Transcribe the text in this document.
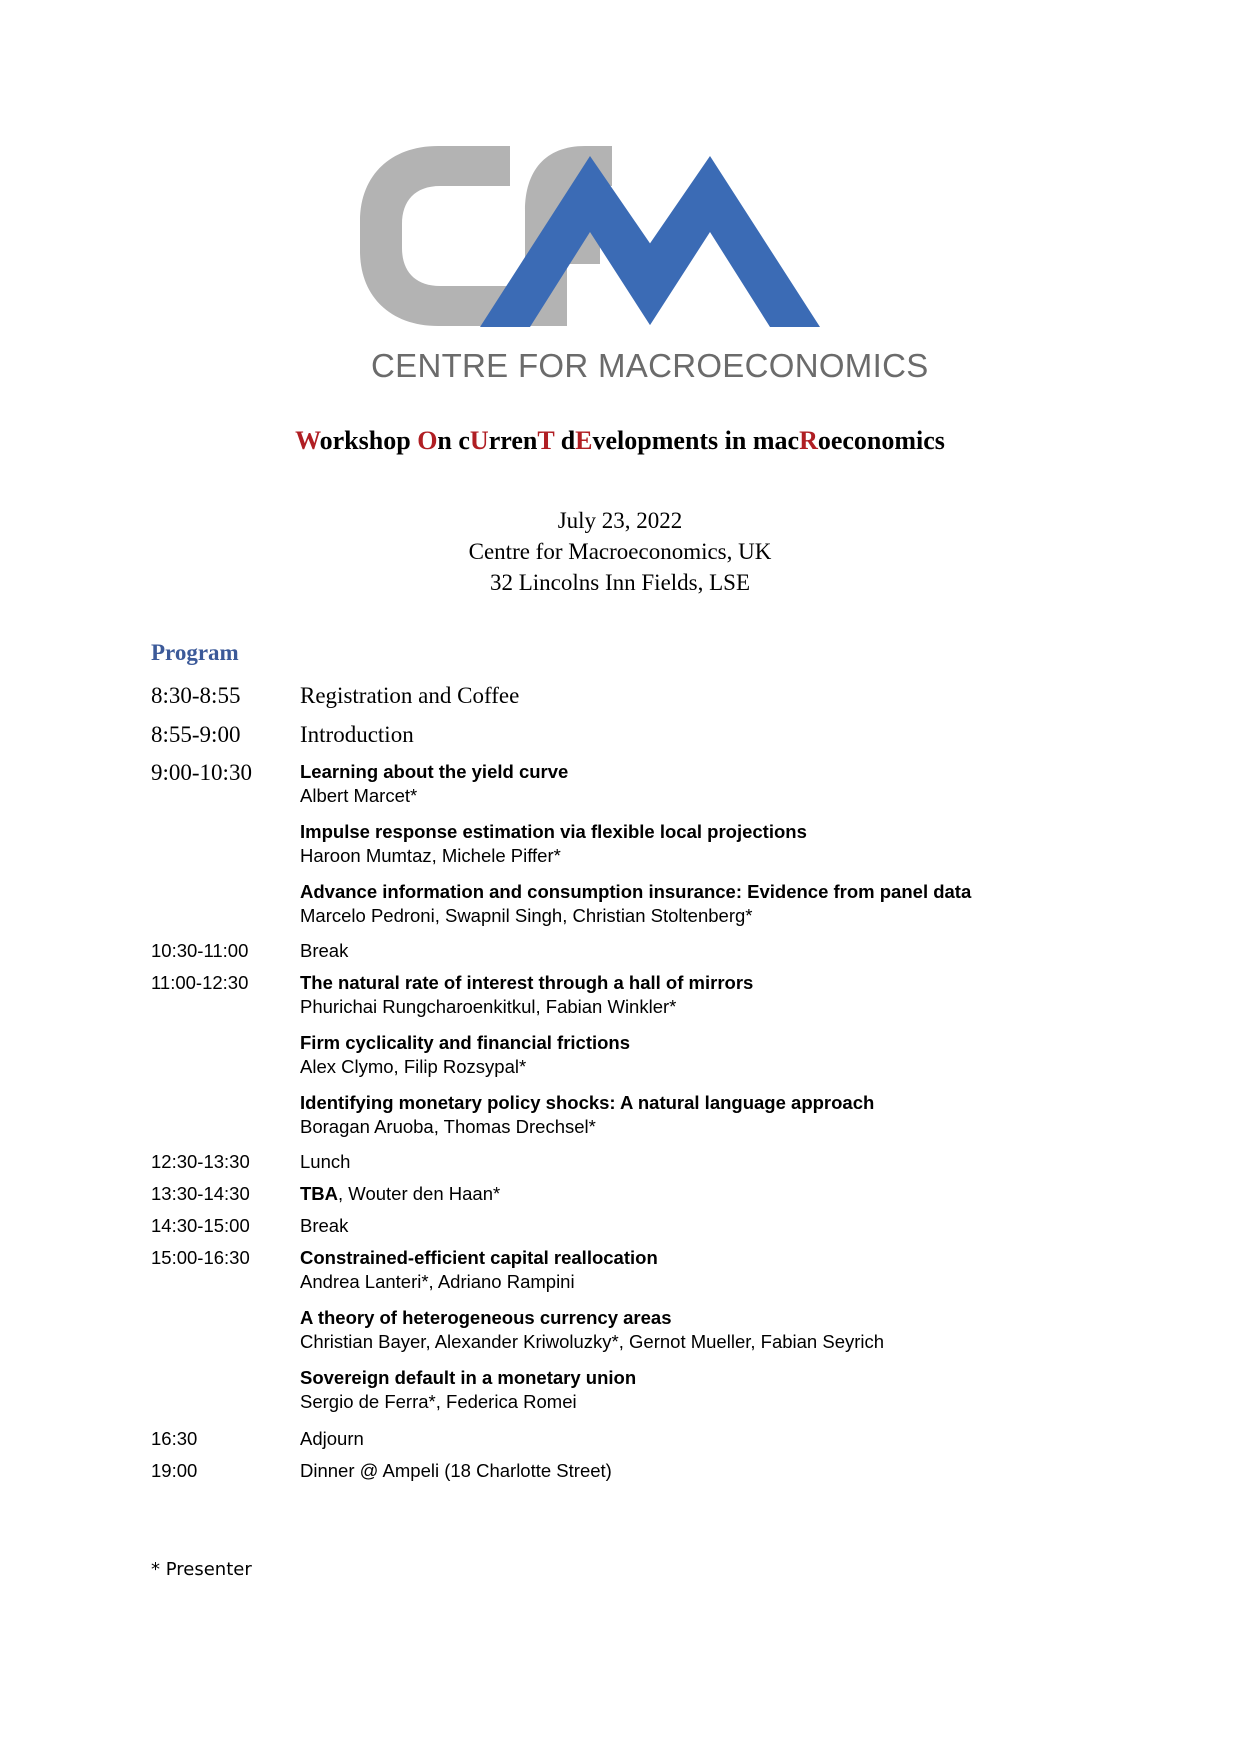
CENTRE FOR MACROECONOMICS
Workshop On cUrrenT dEvelopments in macRoeconomics
July 23, 2022
Centre for Macroeconomics, UK
32 Lincolns Inn Fields, LSE
Program
8:30-8:55	Registration and Coffee
8:55-9:00	Introduction
9:00-10:30	Learning about the yield curve
Albert Marcet*
Impulse response estimation via flexible local projections
Haroon Mumtaz, Michele Piffer*
Advance information and consumption insurance: Evidence from panel data
Marcelo Pedroni, Swapnil Singh, Christian Stoltenberg*
10:30-11:00	Break
11:00-12:30	The natural rate of interest through a hall of mirrors
Phurichai Rungcharoenkitkul, Fabian Winkler*
Firm cyclicality and financial frictions
Alex Clymo, Filip Rozsypal*
Identifying monetary policy shocks: A natural language approach
Boragan Aruoba, Thomas Drechsel*
12:30-13:30	Lunch
13:30-14:30	TBA, Wouter den Haan*
14:30-15:00	Break
15:00-16:30	Constrained-efficient capital reallocation
Andrea Lanteri*, Adriano Rampini
A theory of heterogeneous currency areas
Christian Bayer, Alexander Kriwoluzky*, Gernot Mueller, Fabian Seyrich
Sovereign default in a monetary union
Sergio de Ferra*, Federica Romei
16:30	Adjourn
19:00	Dinner @ Ampeli (18 Charlotte Street)
* Presenter
